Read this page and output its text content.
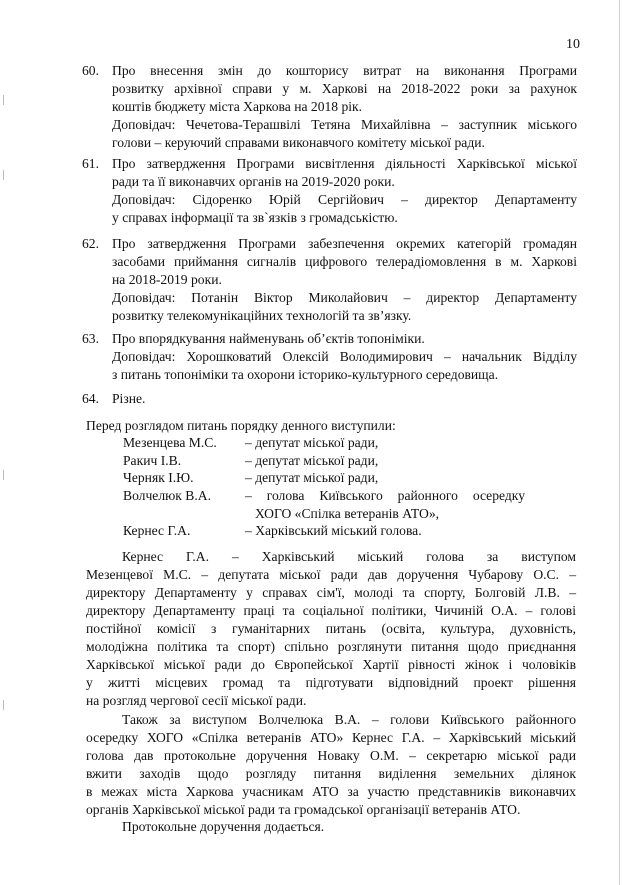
10
60. Про внесення змін до кошторису витрат на виконання Програми
розвитку архівної справи у м. Харкові на 2018-2022 роки за рахунок
коштів бюджету міста Харкова на 2018 рік.
Доповідач: Чечетова-Терашвілі Тетяна Михайлівна – заступник міського
голови – керуючий справами виконавчого комітету міської ради.
61. Про затвердження Програми висвітлення діяльності Харківської міської
ради та її виконавчих органів на 2019-2020 роки.
Доповідач: Сідоренко Юрій Сергійович – директор Департаменту
у справах інформації та зв`язків з громадськістю.
62. Про затвердження Програми забезпечення окремих категорій громадян
засобами приймання сигналів цифрового телерадіомовлення в м. Харкові
на 2018-2019 роки.
Доповідач: Потанін Віктор Миколайович – директор Департаменту
розвитку телекомунікаційних технологій та зв’язку.
63. Про впорядкування найменувань об’єктів топоніміки.
Доповідач: Хорошковатий Олексій Володимирович – начальник Відділу
з питань топоніміки та охорони історико-культурного середовища.
64. Різне.
Перед розглядом питань порядку денного виступили:
Мезенцева М.С. – депутат міської ради,
Ракич І.В.	– депутат міської ради,
Черняк І.Ю.	– депутат міської ради,
Волчелюк В.А.	– голова Київського районного осередку
ХОГО «Спілка ветеранів АТО»,
Кернес Г.А.	– Харківський міський голова.
Кернес Г.А. – Харківський міський голова за виступом
Мезенцевої М.С. – депутата міської ради дав доручення Чубарову О.С. –
директору Департаменту у справах сім'ї, молоді та спорту, Болговій Л.В. –
директору Департаменту праці та соціальної політики, Чичиній О.А. – голові
постійної комісії з гуманітарних питань (освіта, культура, духовність,
молодіжна політика та спорт) спільно розглянути питання щодо приєднання
Харківської міської ради до Європейської Хартії рівності жінок і чоловіків
у житті місцевих громад та підготувати відповідний проект рішення
на розгляд чергової сесії міської ради.
Також за виступом Волчелюка В.А. – голови Київського районного
осередку ХОГО «Спілка ветеранів АТО» Кернес Г.А. – Харківський міський
голова дав протокольне доручення Новаку О.М. – секретарю міської ради
вжити заходів щодо розгляду питання виділення земельних ділянок
в межах міста Харкова учасникам АТО за участю представників виконавчих
органів Харківської міської ради та громадської організації ветеранів АТО.
Протокольне доручення додається.
